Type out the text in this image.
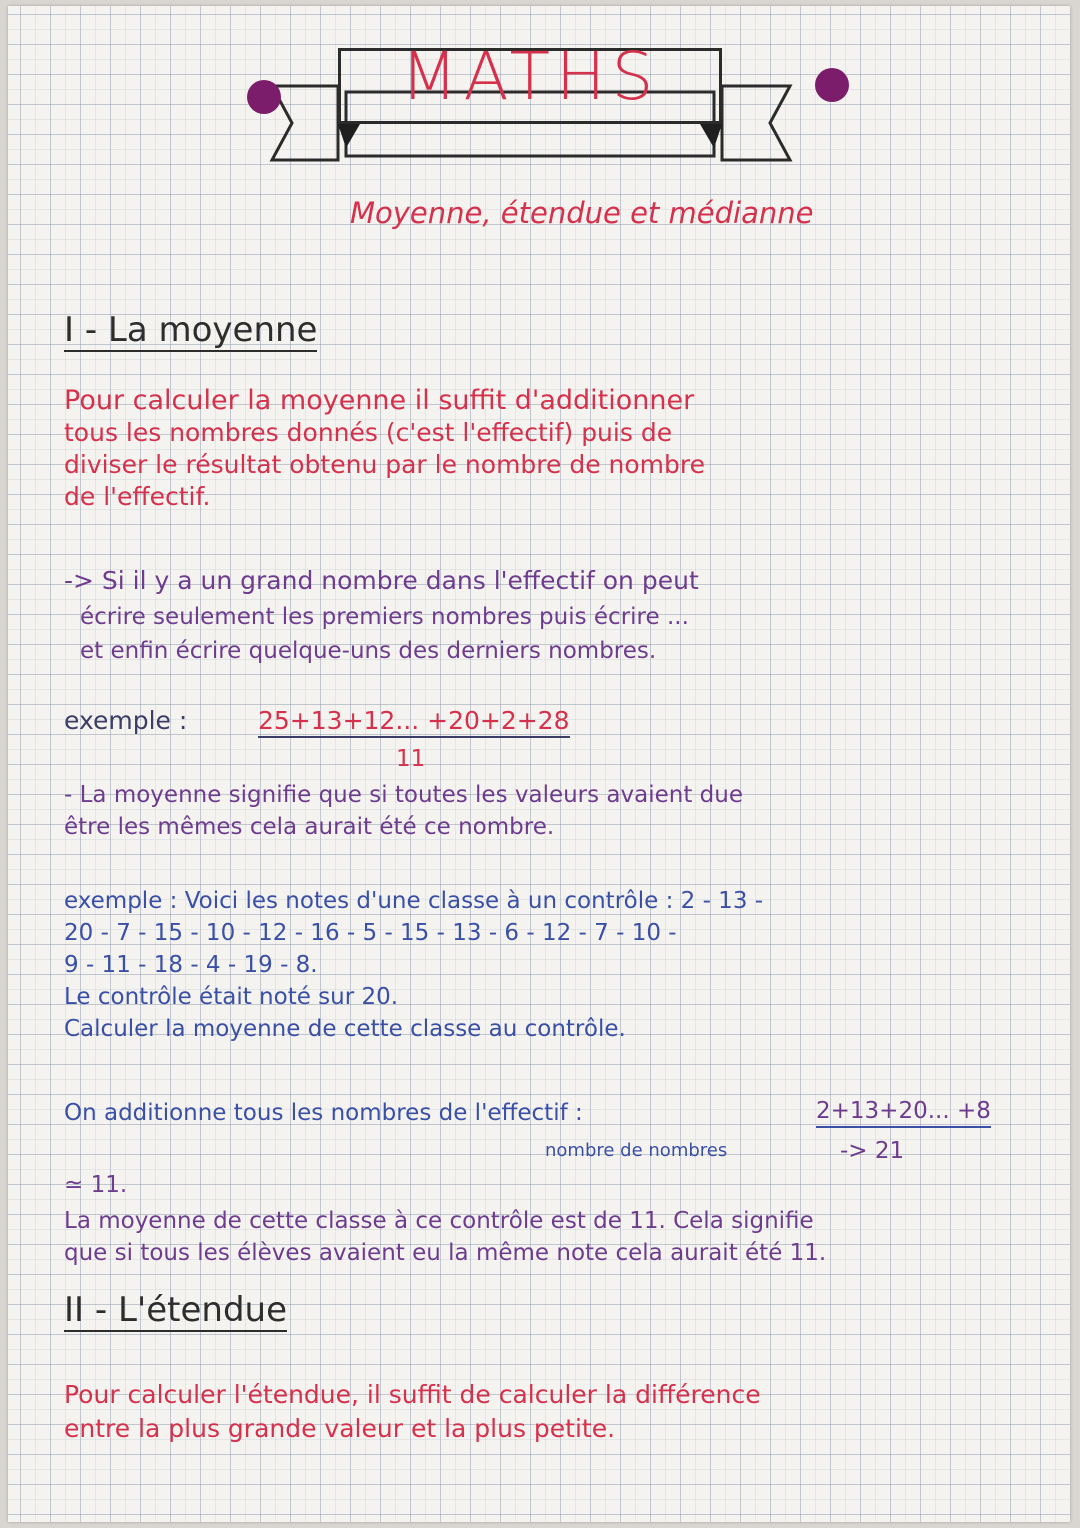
MATHS
Moyenne, étendue et médianne
I - La moyenne
Pour calculer la moyenne il suffit d'additionner
tous les nombres donnés (c'est l'effectif) puis de
diviser le résultat obtenu par le nombre de nombre
de l'effectif.
-> Si il y a un grand nombre dans l'effectif on peut
écrire seulement les premiers nombres puis écrire ...
et enfin écrire quelque-uns des derniers nombres.
exemple :	25+13+12... +20+2+28
11
- La moyenne signifie que si toutes les valeurs avaient due
être les mêmes cela aurait été ce nombre.
exemple : Voici les notes d'une classe à un contrôle : 2 - 13 -
20 - 7 - 15 - 10 - 12 - 16 - 5 - 15 - 13 - 6 - 12 - 7 - 10 -
9 - 11 - 18 - 4 - 19 - 8.
Le contrôle était noté sur 20.
Calculer la moyenne de cette classe au contrôle.
On additionne tous les nombres de l'effectif :	2+13+20... +8
nombre de nombres	-> 21
≃ 11.
La moyenne de cette classe à ce contrôle est de 11. Cela signifie
que si tous les élèves avaient eu la même note cela aurait été 11.
II - L'étendue
Pour calculer l'étendue, il suffit de calculer la différence
entre la plus grande valeur et la plus petite.
